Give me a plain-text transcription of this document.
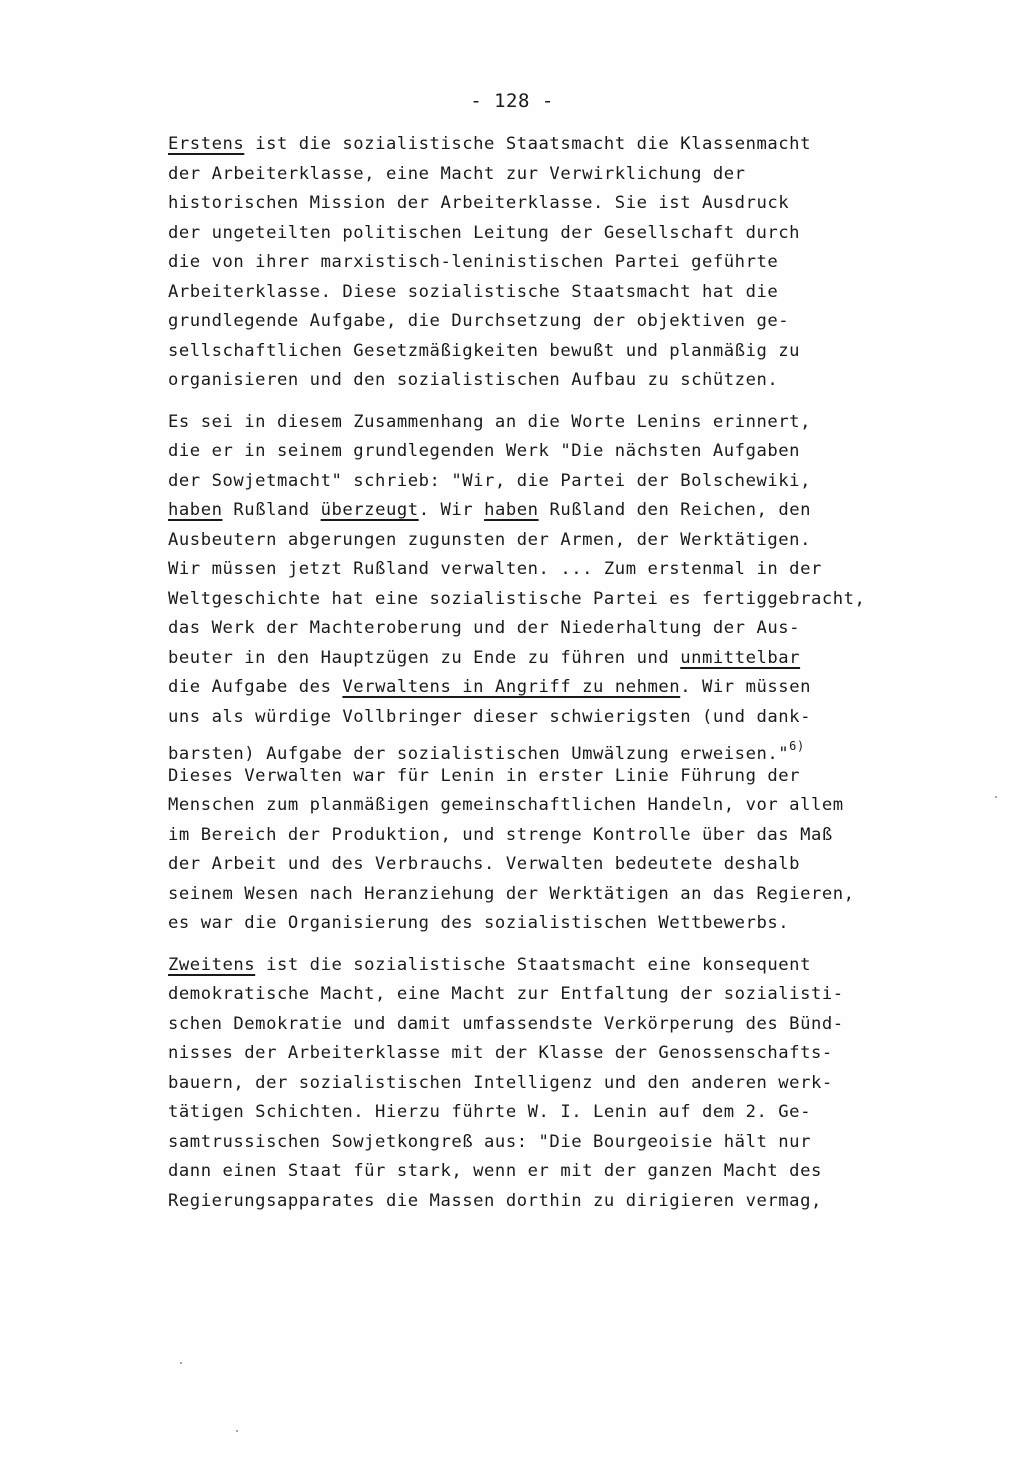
- 128 -
Erstens ist die sozialistische Staatsmacht die Klassenmacht
der Arbeiterklasse, eine Macht zur Verwirklichung der
historischen Mission der Arbeiterklasse. Sie ist Ausdruck
der ungeteilten politischen Leitung der Gesellschaft durch
die von ihrer marxistisch-leninistischen Partei geführte
Arbeiterklasse. Diese sozialistische Staatsmacht hat die
grundlegende Aufgabe, die Durchsetzung der objektiven ge-
sellschaftlichen Gesetzmäßigkeiten bewußt und planmäßig zu
organisieren und den sozialistischen Aufbau zu schützen.
Es sei in diesem Zusammenhang an die Worte Lenins erinnert,
die er in seinem grundlegenden Werk "Die nächsten Aufgaben
der Sowjetmacht" schrieb: "Wir, die Partei der Bolschewiki,
haben Rußland überzeugt. Wir haben Rußland den Reichen, den
Ausbeutern abgerungen zugunsten der Armen, der Werktätigen.
Wir müssen jetzt Rußland verwalten. ... Zum erstenmal in der
Weltgeschichte hat eine sozialistische Partei es fertiggebracht,
das Werk der Machteroberung und der Niederhaltung der Aus-
beuter in den Hauptzügen zu Ende zu führen und unmittelbar
die Aufgabe des Verwaltens in Angriff zu nehmen. Wir müssen
uns als würdige Vollbringer dieser schwierigsten (und dank-
barsten) Aufgabe der sozialistischen Umwälzung erweisen."$^{6)}$
Dieses Verwalten war für Lenin in erster Linie Führung der
Menschen zum planmäßigen gemeinschaftlichen Handeln, vor allem
im Bereich der Produktion, und strenge Kontrolle über das Maß
der Arbeit und des Verbrauchs. Verwalten bedeutete deshalb
seinem Wesen nach Heranziehung der Werktätigen an das Regieren,
es war die Organisierung des sozialistischen Wettbewerbs.
Zweitens ist die sozialistische Staatsmacht eine konsequent
demokratische Macht, eine Macht zur Entfaltung der sozialisti-
schen Demokratie und damit umfassendste Verkörperung des Bünd-
nisses der Arbeiterklasse mit der Klasse der Genossenschafts-
bauern, der sozialistischen Intelligenz und den anderen werk-
tätigen Schichten. Hierzu führte W. I. Lenin auf dem 2. Ge-
samtrussischen Sowjetkongreß aus: "Die Bourgeoisie hält nur
dann einen Staat für stark, wenn er mit der ganzen Macht des
Regierungsapparates die Massen dorthin zu dirigieren vermag,
